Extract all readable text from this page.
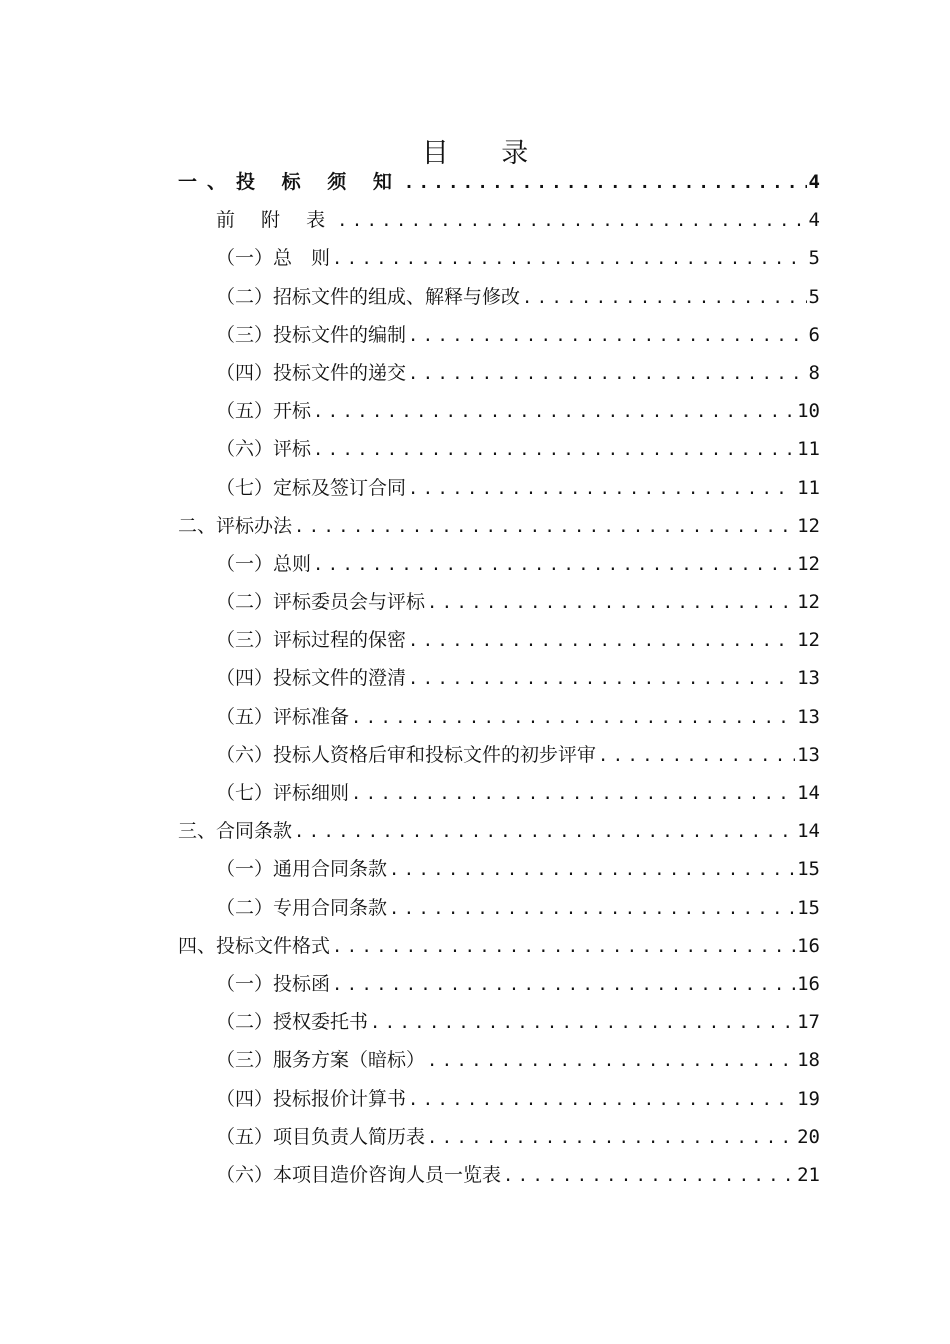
目 录
一、投 标 须 知 .....	4
前 附 表 .....	4
（一）总　则 .....	5
（二）招标文件的组成、解释与修改 .....	5
（三）投标文件的编制 .....	6
（四）投标文件的递交 .....	8
（五）开标 .....	10
（六）评标 .....	11
（七）定标及签订合同 .....	11
二、评标办法 .....	12
（一）总则 .....	12
（二）评标委员会与评标 .....	12
（三）评标过程的保密 .....	12
（四）投标文件的澄清 .....	13
（五）评标准备 .....	13
（六）投标人资格后审和投标文件的初步评审 .....	13
（七）评标细则 .....	14
三、合同条款 .....	14
（一）通用合同条款 .....	15
（二）专用合同条款 .....	15
四、投标文件格式 .....	16
（一）投标函 .....	16
（二）授权委托书 .....	17
（三）服务方案（暗标） .....	18
（四）投标报价计算书 .....	19
（五）项目负责人简历表 .....	20
（六）本项目造价咨询人员一览表 .....	21
